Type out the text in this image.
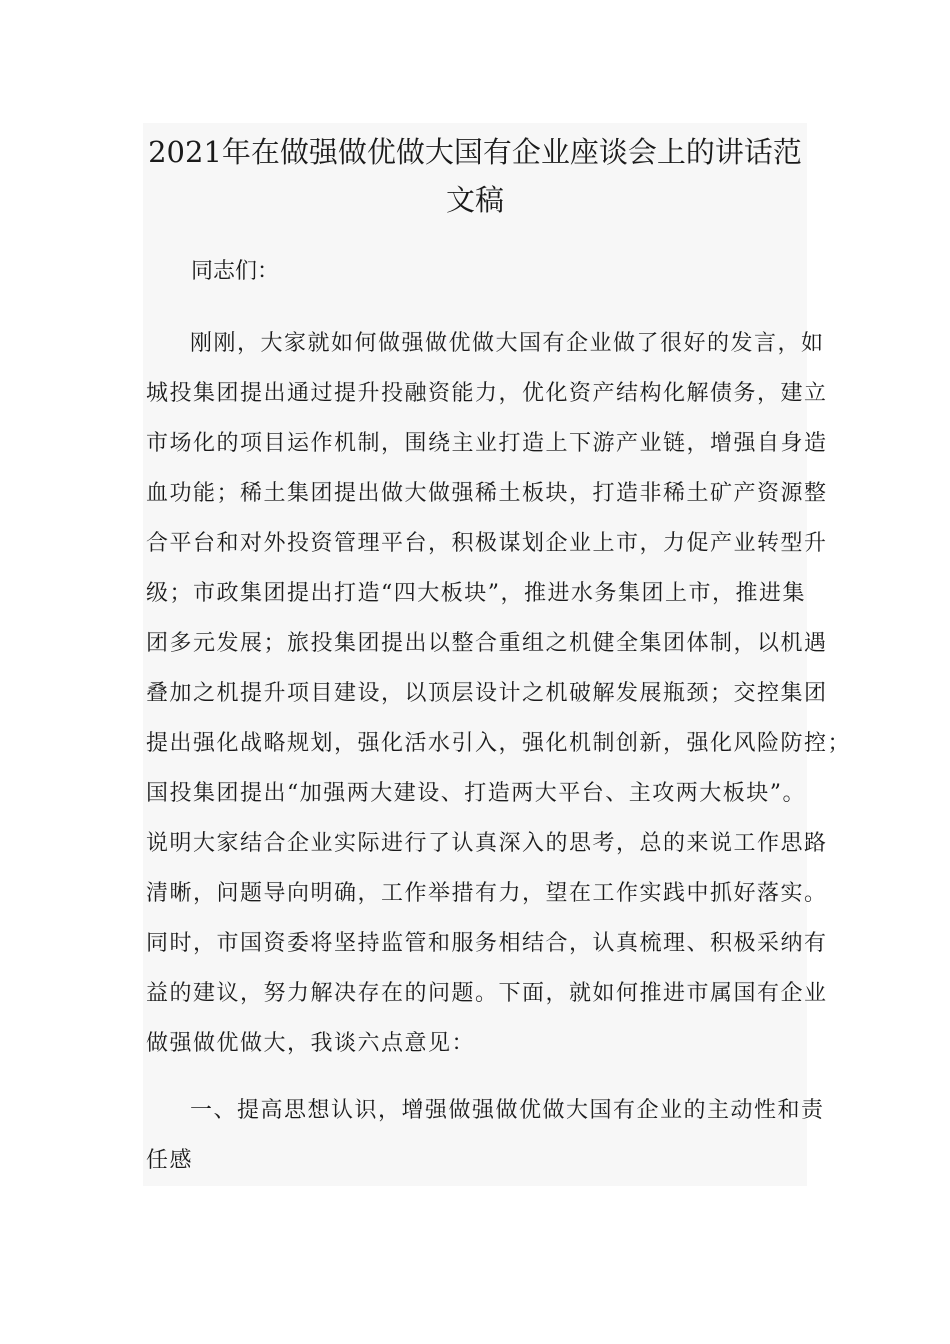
2021年在做强做优做大国有企业座谈会上的讲话范
文稿

同志们：

刚刚，大家就如何做强做优做大国有企业做了很好的发言，如
城投集团提出通过提升投融资能力，优化资产结构化解债务，建立
市场化的项目运作机制，围绕主业打造上下游产业链，增强自身造
血功能；稀土集团提出做大做强稀土板块，打造非稀土矿产资源整
合平台和对外投资管理平台，积极谋划企业上市，力促产业转型升
级；市政集团提出打造“四大板块”，推进水务集团上市，推进集
团多元发展；旅投集团提出以整合重组之机健全集团体制，以机遇
叠加之机提升项目建设，以顶层设计之机破解发展瓶颈；交控集团
提出强化战略规划，强化活水引入，强化机制创新，强化风险防控；
国投集团提出“加强两大建设、打造两大平台、主攻两大板块”。
说明大家结合企业实际进行了认真深入的思考，总的来说工作思路
清晰，问题导向明确，工作举措有力，望在工作实践中抓好落实。
同时，市国资委将坚持监管和服务相结合，认真梳理、积极采纳有
益的建议，努力解决存在的问题。下面，就如何推进市属国有企业
做强做优做大，我谈六点意见：
一、提高思想认识，增强做强做优做大国有企业的主动性和责
任感
